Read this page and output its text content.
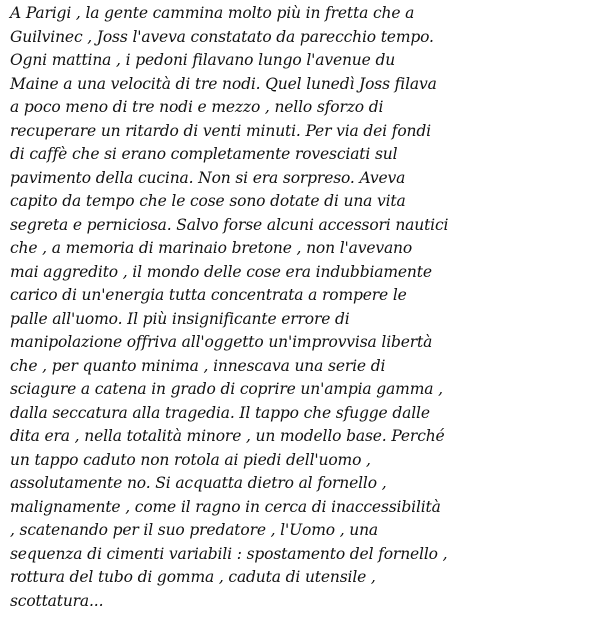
A Parigi , la gente cammina molto più in fretta che a
Guilvinec , Joss l'aveva constatato da parecchio tempo.
Ogni mattina , i pedoni filavano lungo l'avenue du
Maine a una velocità di tre nodi. Quel lunedì Joss filava
a poco meno di tre nodi e mezzo , nello sforzo di
recuperare un ritardo di venti minuti. Per via dei fondi
di caffè che si erano completamente rovesciati sul
pavimento della cucina. Non si era sorpreso. Aveva
capito da tempo che le cose sono dotate di una vita
segreta e perniciosa. Salvo forse alcuni accessori nautici
che , a memoria di marinaio bretone , non l'avevano
mai aggredito , il mondo delle cose era indubbiamente
carico di un'energia tutta concentrata a rompere le
palle all'uomo. Il più insignificante errore di
manipolazione offriva all'oggetto un'improvvisa libertà
che , per quanto minima , innescava una serie di
sciagure a catena in grado di coprire un'ampia gamma ,
dalla seccatura alla tragedia. Il tappo che sfugge dalle
dita era , nella totalità minore , un modello base. Perché
un tappo caduto non rotola ai piedi dell'uomo ,
assolutamente no. Si acquatta dietro al fornello ,
malignamente , come il ragno in cerca di inaccessibilità
, scatenando per il suo predatore , l'Uomo , una
sequenza di cimenti variabili : spostamento del fornello ,
rottura del tubo di gomma , caduta di utensile ,
scottatura...
